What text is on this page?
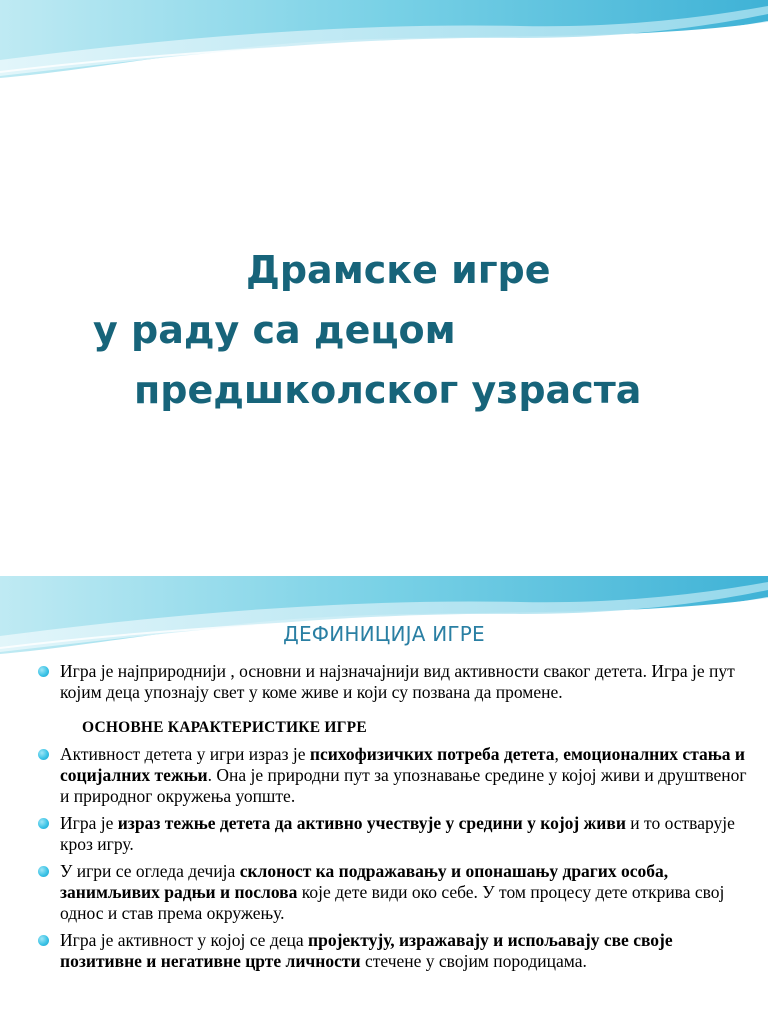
Драмске игре
у раду са децом
предшколског узраста
ДЕФИНИЦИЈА ИГРЕ
Игра је најприроднији , основни и најзначајнији вид активности сваког детета. Игра је пут којим деца упознају свет у коме живе и који су позвана да промене.
ОСНОВНЕ КАРАКТЕРИСТИКЕ ИГРЕ
Активност детета у игри израз је психофизичких потреба детета, емоционалних стања и социјалних тежњи. Она је природни пут за упознавање средине у којој живи и друштвеног и природног окружења уопште.
Игра је израз тежње детета да активно учествује у средини у којој живи и то остварује кроз игру.
У игри се огледа дечија склоност ка подражавању и опонашању драгих особа, занимљивих радњи и послова које дете види око себе. У том процесу дете открива свој однос и став према окружењу.
Игра је активност у којој се деца пројектују, изражавају и испољавају све своје позитивне и негативне црте личности стечене у својим породицама.
